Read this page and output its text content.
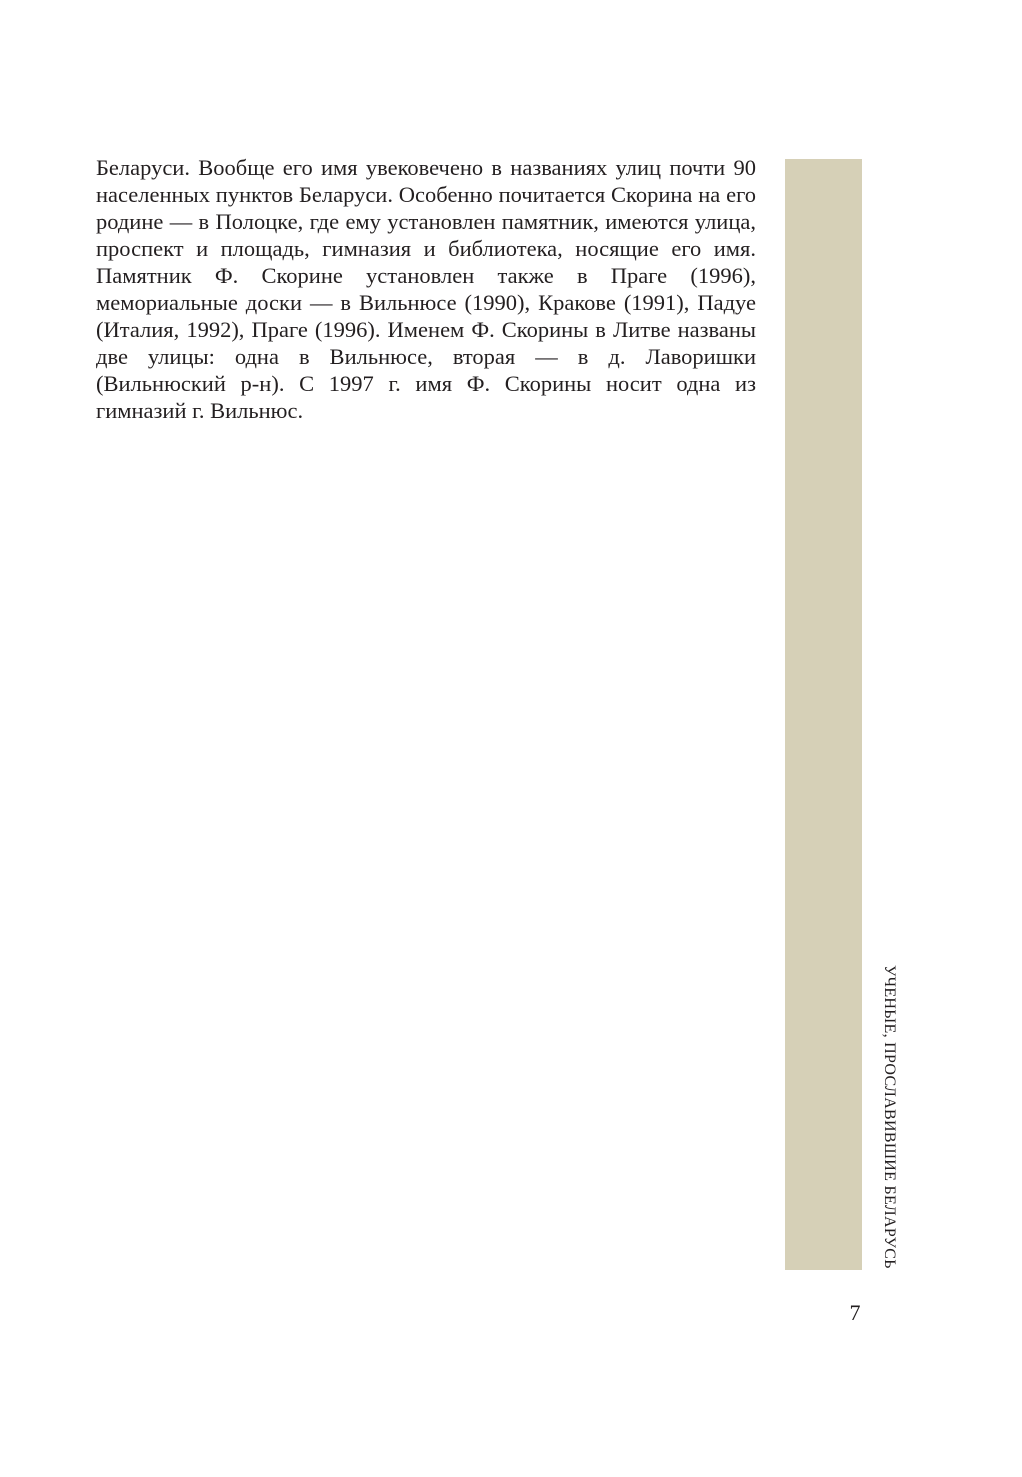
Беларуси. Вообще его имя увековечено в названиях улиц почти 90 населенных пунктов Беларуси. Особенно почитается Скорина на его родине — в Полоцке, где ему установлен памятник, имеются улица, проспект и площадь, гимназия и библиотека, носящие его имя. Памятник Ф. Скорине установлен также в Праге (1996), мемориальные доски — в Вильнюсе (1990), Кракове (1991), Падуе (Италия, 1992), Праге (1996). Именем Ф. Скорины в Литве названы две улицы: одна в Вильнюсе, вторая — в д. Лаворишки (Вильнюский р-н). С 1997 г. имя Ф. Скорины носит одна из гимназий г. Вильнюс.

УЧЕНЫЕ, ПРОСЛАВИВШИЕ БЕЛАРУСЬ
7
